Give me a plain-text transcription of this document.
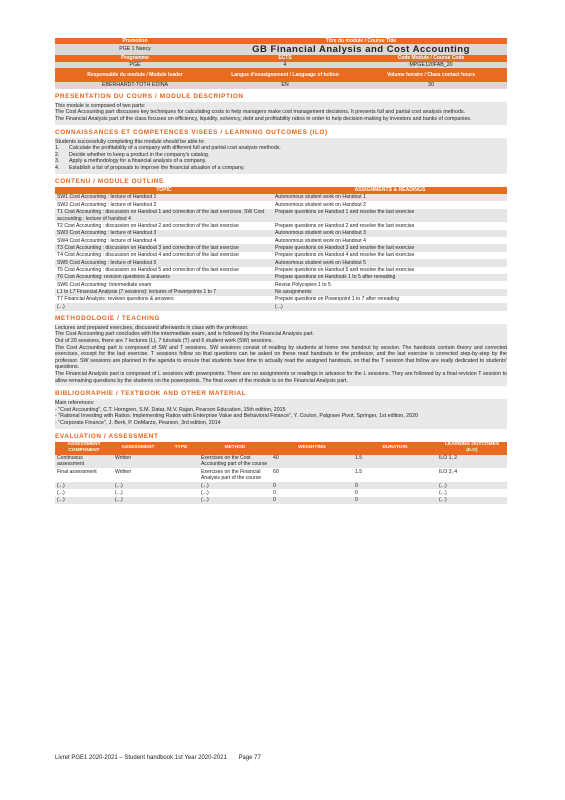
Promotion	Titre du module / Course Title
PGE 1 Nancy	GB Financial Analysis and Cost Accounting
Programme	ECTS	Code Module / Course Code
PGE	4	MPGE120FAB_20
Responsable du module / Module leader	Langue d'enseignement / Language of tuition	Volume horaire / Class contact hours
EBERHARDT-TOTH EDINA	EN	30
PRESENTATION DU COURS / MODULE DESCRIPTION

This module is composed of two parts:

The Cost Accounting part discusses key techniques for calculating costs to help managers make cost management decisions. It presents full and partial cost analysis methods.

The Financial Analysis part of the class focuses on efficiency, liquidity, solvency, debt and profitability ratios in order to help decision-making by investors and banks of companies.

CONNAISSANCES ET COMPETENCES VISEES / LEARNING OUTCOMES (ILO)

Students successfully completing this module should be able to:

1.	Calculate the profitability of a company with different full and partial cost analysis methods.
2.	Decide whether to keep a product in the company's catalog.
3.	Apply a methodology for a financial analysis of a company.
4.	Establish a list of proposals to improve the financial situation of a company.
CONTENU / MODULE OUTLINE
TOPIC	ASSIGNMENTS & READINGS
SW1 Cost Accounting : lecture of Handout 1	Autonomous student work on Handout 1
SW2 Cost Accounting : lecture of Handout 2	Autonomous student work on Handout 2
T1 Cost Accounting : discussion on Handout 1 and correction of the last exercises. SW Cost accounting : lecture of handout 4	Prepare questions on Handout 1 and resolve the last exercise
T2 Cost Accounting : discussion on Handout 2 and correction of the last exercise	Prepare questions on Handout 2 and resolve the last exercise
SW3 Cost Accounting : lecture of Handout 3	Autonomous student work on Handout 3
SW4 Cost Accounting : lecture of Handout 4	Autonomous student work on Handout 4
T3 Cost Accounting : discussion on Handout 3 and correction of the last exercise	Prepare questions on Handout 3 and resolve the last exercise
T4 Cost Accounting : discussion on Handout 4 and correction of the last exercise	Prepare questions on Handout 4 and resolve the last exercise
SW5 Cost Accounting : lecture of Handout 5	Autonomous student work on Handout 5
T5 Cost Accounting : discussion on Handout 5 and correction of the last exercise	Prepare questions on Handout 5 and resolve the last exercise
T6 Cost Accounting: revision questions & answers	Prepare questions on Handouts 1 to 5 after rereading
SW6 Cost Accounting: Intermediate exam	Revise Polycopies 1 to 5
L1 to L7 Financial Analysis (7 sessions): lectures of Powerpoints 1 to 7	No assignments
T7 Financial Analysis: revision questions & answers	Prepare questions on Powerpoint 1 to 7 after rereading
(...)	(...)
METHODOLOGIE / TEACHING

Lectures and prepared exercises, discussed afterwards in class with the professor.

The Cost Accounting part concludes with the intermediate exam, and is followed by the Financial Analysis part.

Out of 20 sessions, there are 7 lectures (L), 7 tutorials (T) and 6 student work (SW) sessions.

The Cost Accounting part is composed of SW and T sessions. SW sessions consist of reading by students at home one handout by session. The handouts contain theory and corrected exercises, except for the last exercise. T sessions follow so that questions can be asked on these read handouts to the professor, and the last exercise is corrected step-by-step by the professor. SW sessions are planned in the agenda to ensure that students have time to actually read the assigned handouts, so that the T session that follow are really dedicated to students' questions.

The Financial Analysis part is composed of L sessions with powerpoints. There are no assignments or readings in advance for the L sessions. They are followed by a final revision T session to allow remaining questions by the students on the powerpoints. The final exam of the module is on the Financial Analysis part.

BIBLIOGRAPHIE / TEXTBOOK AND OTHER MATERIAL

Main references:

- "Cost Accounting", C.T. Horngren, S.M. Datar, M.V. Rajan, Pearson Education, 15th edition, 2015

- "Rational Investing with Ratios: Implementing Ratios with Enterprise Value and Behavioral Finance", Y. Coulon, Palgrave Pivot, Springer, 1st edition, 2020

- "Corporate Finance", J. Berk, P. DeMarzo, Pearson, 3rd edition, 2014

EVALUATION / ASSESSMENT
ASSESSMENT COMPONENT	ASSESSMENT	TYPE	METHOD	WEIGHTING	DURATION	LEARNING OUTCOMES (ILO)
Continuous assessment	Written		Exercises on the Cost Accounting part of the course	40	1.5	ILO 1, 2
Final assessment	Written		Exercises on the Financial Analysis part of the course	60	1.5	ILO 3, 4
(...)	(...)		(...)	0	0	(...)
(...)	(...)		(...)	0	0	(...)
(...)	(...)		(...)	0	0	(...)
Livret PGE1 2020-2021 – Student handbook 1st Year 2020-2021 Page 77
